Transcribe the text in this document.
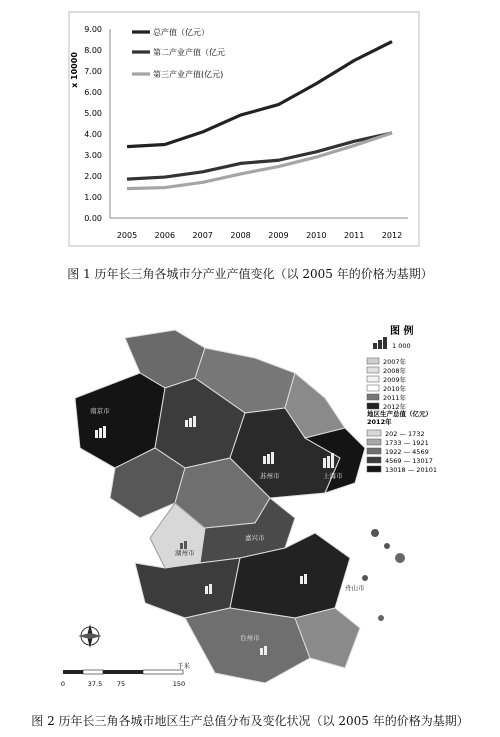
x 10000
0.00
1.00
2.00
3.00
4.00
5.00
6.00
7.00
8.00
9.00
2005 2006 2007 2008 2009 2010 2011 2012
总产值（亿元）
第二产业产值（亿元
第三产业产值(亿元)
图 1 历年长三角各城市分产业产值变化（以 2005 年的价格为基期）
湖州市
嘉兴市
舟山市
台州市
上海市
南京市
苏州市
图 例
1 000
2007年
2008年
2009年
2010年
2011年
2012年
地区生产总值（亿元）
2012年
202 — 1732
1733 — 1921
1922 — 4569
4569 — 13017
13018 — 20101
0	37.5 75	150
千米
图 2 历年长三角各城市地区生产总值分布及变化状况（以 2005 年的价格为基期）
